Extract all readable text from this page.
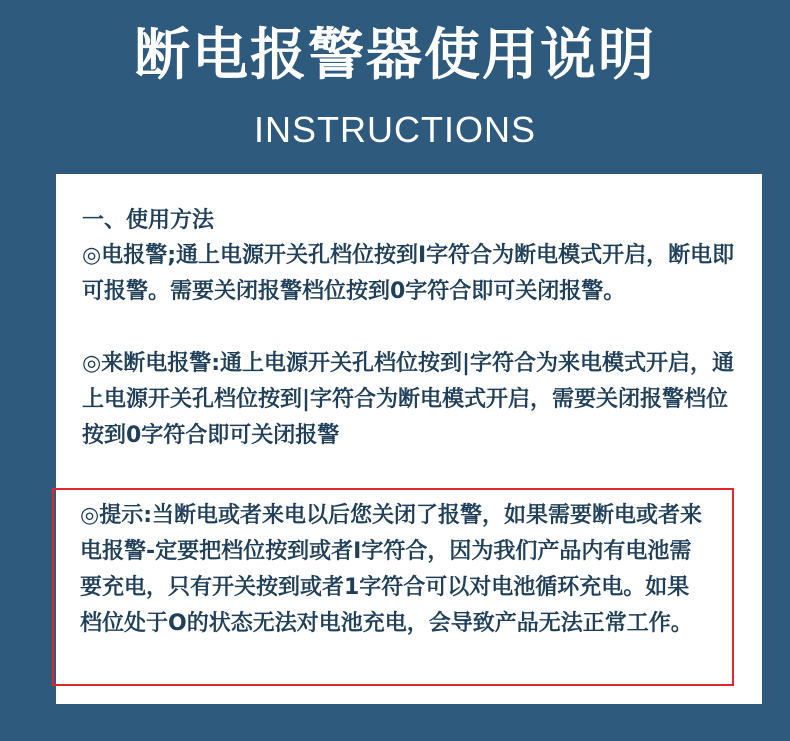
断电报警器使用说明
INSTRUCTIONS
一、使用方法
◎电报警;通上电源开关孔档位按到I字符合为断电模式开启，断电即可报警。需要关闭报警档位按到0字符合即可关闭报警。
◎来断电报警:通上电源开关孔档位按到|字符合为来电模式开启，通上电源开关孔档位按到|字符合为断电模式开启，需要关闭报警档位按到0字符合即可关闭报警
◎提示:当断电或者来电以后您关闭了报警，如果需要断电或者来电报警-定要把档位按到或者I字符合，因为我们产品内有电池需要充电，只有开关按到或者1字符合可以对电池循环充电。如果档位处于O的状态无法对电池充电，会导致产品无法正常工作。
